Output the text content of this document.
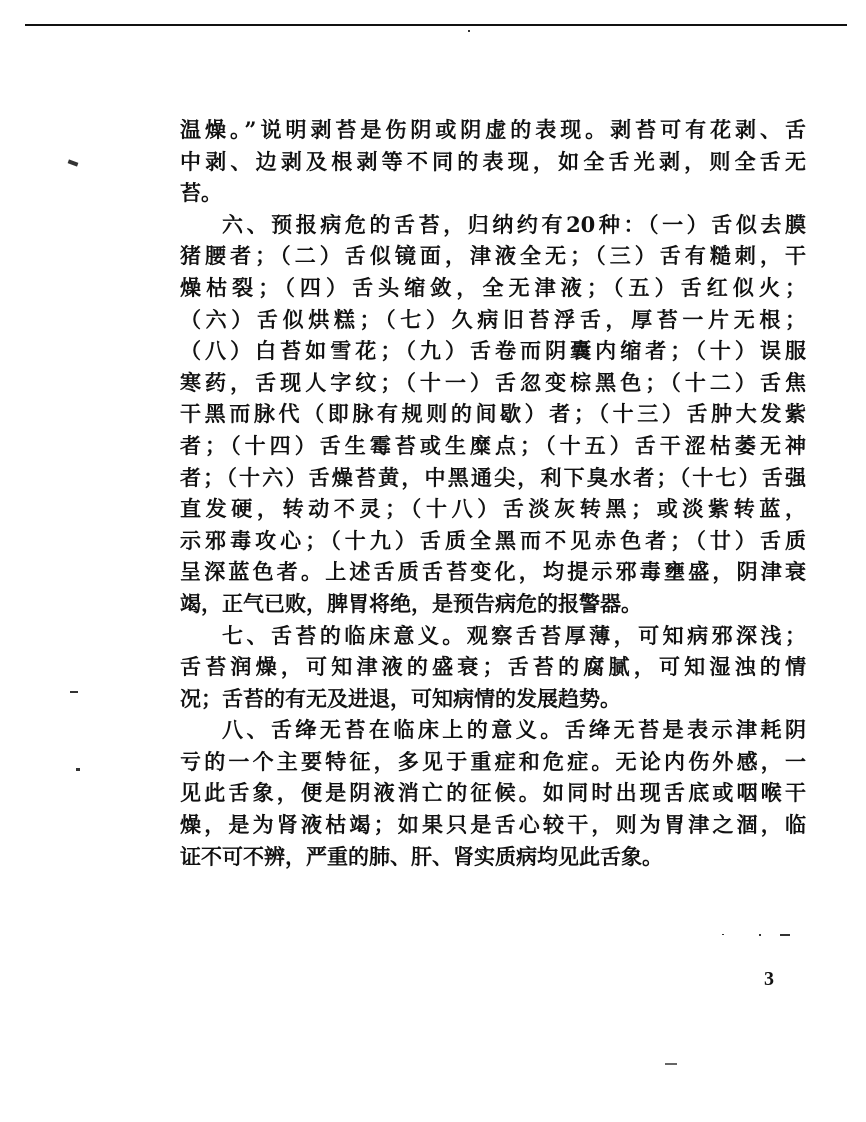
温燥。”说明剥苔是伤阴或阴虚的表现。剥苔可有花剥、舌
中剥、边剥及根剥等不同的表现，如全舌光剥，则全舌无
苔。
六、预报病危的舌苔，归纳约有20种：（一）舌似去膜
猪腰者；（二）舌似镜面，津液全无；（三）舌有糙刺，干
燥枯裂；（四）舌头缩敛，全无津液；（五）舌红似火；
（六）舌似烘糕；（七）久病旧苔浮舌，厚苔一片无根；
（八）白苔如雪花；（九）舌卷而阴囊内缩者；（十）误服
寒药，舌现人字纹；（十一）舌忽变棕黑色；（十二）舌焦
干黑而脉代（即脉有规则的间歇）者；（十三）舌肿大发紫
者；（十四）舌生霉苔或生糜点；（十五）舌干涩枯萎无神
者；（十六）舌燥苔黄，中黑通尖，利下臭水者；（十七）舌强
直发硬，转动不灵；（十八）舌淡灰转黑；或淡紫转蓝，
示邪毒攻心；（十九）舌质全黑而不见赤色者；（廿）舌质
呈深蓝色者。上述舌质舌苔变化，均提示邪毒壅盛，阴津衰
竭，正气已败，脾胃将绝，是预告病危的报警器。
七、舌苔的临床意义。观察舌苔厚薄，可知病邪深浅；
舌苔润燥，可知津液的盛衰；舌苔的腐腻，可知湿浊的情
况；舌苔的有无及进退，可知病情的发展趋势。
八、舌绛无苔在临床上的意义。舌绛无苔是表示津耗阴
亏的一个主要特征，多见于重症和危症。无论内伤外感，一
见此舌象，便是阴液消亡的征候。如同时出现舌底或咽喉干
燥，是为肾液枯竭；如果只是舌心较干，则为胃津之涸，临
证不可不辨，严重的肺、肝、肾实质病均见此舌象。
3
